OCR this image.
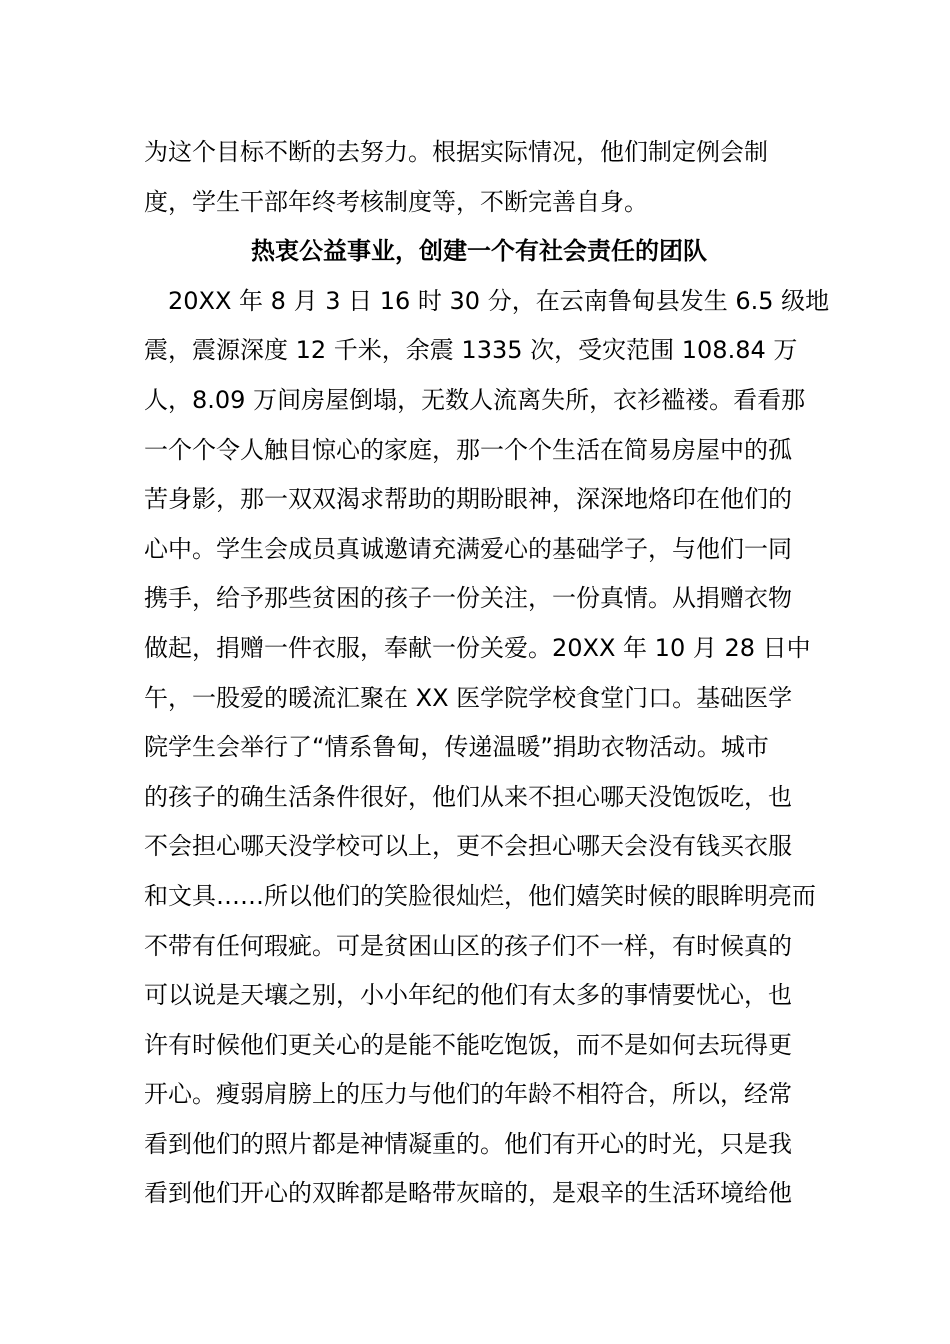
为这个目标不断的去努力。根据实际情况，他们制定例会制
度，学生干部年终考核制度等，不断完善自身。
热衷公益事业，创建一个有社会责任的团队
　20XX 年 8 月 3 日 16 时 30 分，在云南鲁甸县发生 6.5 级地
震，震源深度 12 千米，余震 1335 次，受灾范围 108.84 万
人，8.09 万间房屋倒塌，无数人流离失所，衣衫褴褛。看看那
一个个令人触目惊心的家庭，那一个个生活在简易房屋中的孤
苦身影，那一双双渴求帮助的期盼眼神，深深地烙印在他们的
心中。学生会成员真诚邀请充满爱心的基础学子，与他们一同
携手，给予那些贫困的孩子一份关注，一份真情。从捐赠衣物
做起，捐赠一件衣服，奉献一份关爱。20XX 年 10 月 28 日中
午，一股爱的暖流汇聚在 XX 医学院学校食堂门口。基础医学
院学生会举行了“情系鲁甸，传递温暖”捐助衣物活动。城市
的孩子的确生活条件很好，他们从来不担心哪天没饱饭吃，也
不会担心哪天没学校可以上，更不会担心哪天会没有钱买衣服
和文具……所以他们的笑脸很灿烂，他们嬉笑时候的眼眸明亮而
不带有任何瑕疵。可是贫困山区的孩子们不一样，有时候真的
可以说是天壤之别，小小年纪的他们有太多的事情要忧心，也
许有时候他们更关心的是能不能吃饱饭，而不是如何去玩得更
开心。瘦弱肩膀上的压力与他们的年龄不相符合，所以，经常
看到他们的照片都是神情凝重的。他们有开心的时光，只是我
看到他们开心的双眸都是略带灰暗的，是艰辛的生活环境给他
